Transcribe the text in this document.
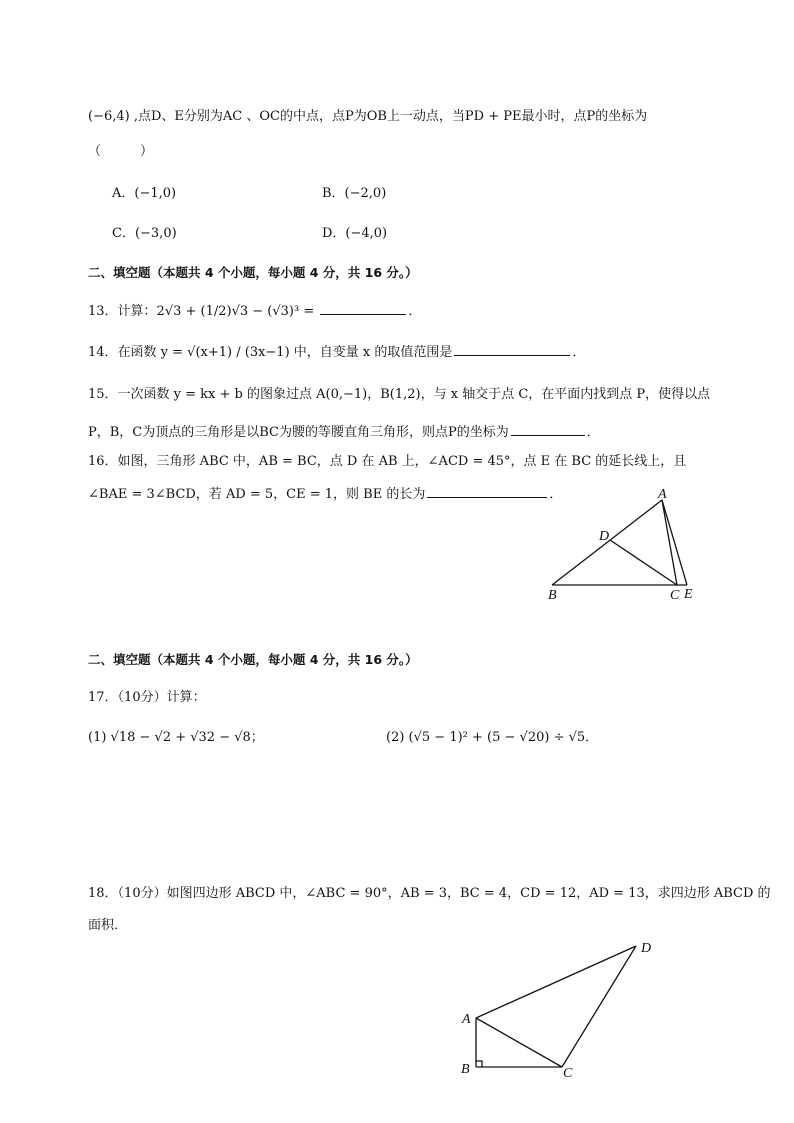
(−6,4) ,点D、E分别为AC 、OC的中点，点P为OB上一动点，当PD + PE最小时，点P的坐标为
（　　　）
A．(−1,0)	B．(−2,0)
C．(−3,0)	D．(−4,0)
二、填空题（本题共 4 个小题，每小题 4 分，共 16 分。）
13．计算：2√3 + (1/2)√3 − (√3)³ =	．
14．在函数 y = √(x+1) / (3x−1) 中，自变量 x 的取值范围是	．
15．一次函数 y = kx + b 的图象过点 A(0,−1)，B(1,2)，与 x 轴交于点 C，在平面内找到点 P，使得以点
P，B，C为顶点的三角形是以BC为腰的等腰直角三角形，则点P的坐标为	．
16．如图，三角形 ABC 中，AB = BC，点 D 在 AB 上，∠ACD = 45°，点 E 在 BC 的延长线上，且
∠BAE = 3∠BCD，若 AD = 5，CE = 1，则 BE 的长为	．	A
D
B	C E
二、填空题（本题共 4 个小题，每小题 4 分，共 16 分。）
17．（10分）计算：
(1) √18 − √2 + √32 − √8；	(2) (√5 − 1)² + (5 − √20) ÷ √5．
18．（10分）如图四边形 ABCD 中，∠ABC = 90°，AB = 3，BC = 4，CD = 12，AD = 13，求四边形 ABCD 的
面积．
A
B	C
D
